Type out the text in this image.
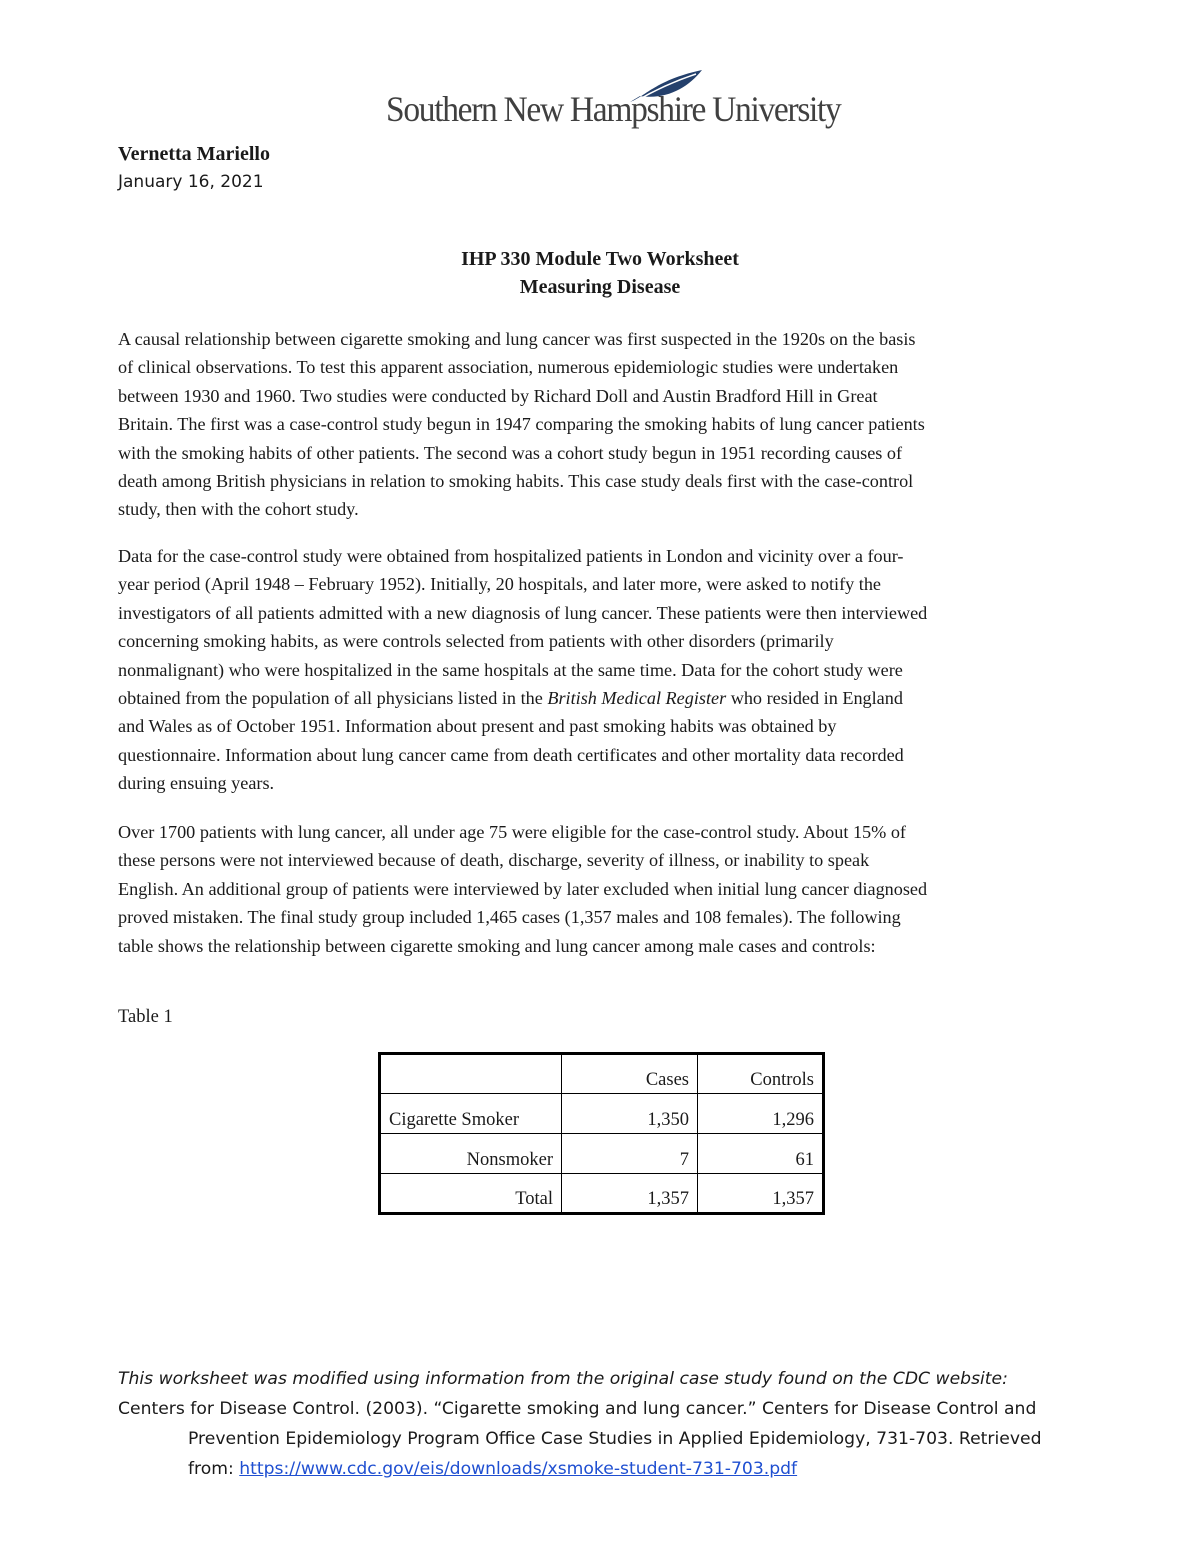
Southern New Hampshire University
Vernetta Mariello
January 16, 2021
IHP 330 Module Two Worksheet
Measuring Disease

A causal relationship between cigarette smoking and lung cancer was first suspected in the 1920s on the basis
of clinical observations. To test this apparent association, numerous epidemiologic studies were undertaken
between 1930 and 1960. Two studies were conducted by Richard Doll and Austin Bradford Hill in Great
Britain. The first was a case-control study begun in 1947 comparing the smoking habits of lung cancer patients
with the smoking habits of other patients. The second was a cohort study begun in 1951 recording causes of
death among British physicians in relation to smoking habits. This case study deals first with the case-control
study, then with the cohort study.

Data for the case-control study were obtained from hospitalized patients in London and vicinity over a four-
year period (April 1948 – February 1952). Initially, 20 hospitals, and later more, were asked to notify the
investigators of all patients admitted with a new diagnosis of lung cancer. These patients were then interviewed
concerning smoking habits, as were controls selected from patients with other disorders (primarily
nonmalignant) who were hospitalized in the same hospitals at the same time. Data for the cohort study were
obtained from the population of all physicians listed in the British Medical Register who resided in England
and Wales as of October 1951. Information about present and past smoking habits was obtained by
questionnaire. Information about lung cancer came from death certificates and other mortality data recorded
during ensuing years.

Over 1700 patients with lung cancer, all under age 75 were eligible for the case-control study. About 15% of
these persons were not interviewed because of death, discharge, severity of illness, or inability to speak
English. An additional group of patients were interviewed by later excluded when initial lung cancer diagnosed
proved mistaken. The final study group included 1,465 cases (1,357 males and 108 females). The following
table shows the relationship between cigarette smoking and lung cancer among male cases and controls:

Table 1
	Cases	Controls
Cigarette Smoker	1,350	1,296
Nonsmoker	7	61
Total	1,357	1,357
This worksheet was modified using information from the original case study found on the CDC website:
Centers for Disease Control. (2003). “Cigarette smoking and lung cancer.” Centers for Disease Control and
Prevention Epidemiology Program Office Case Studies in Applied Epidemiology, 731-703. Retrieved
from: https://www.cdc.gov/eis/downloads/xsmoke-student-731-703.pdf
